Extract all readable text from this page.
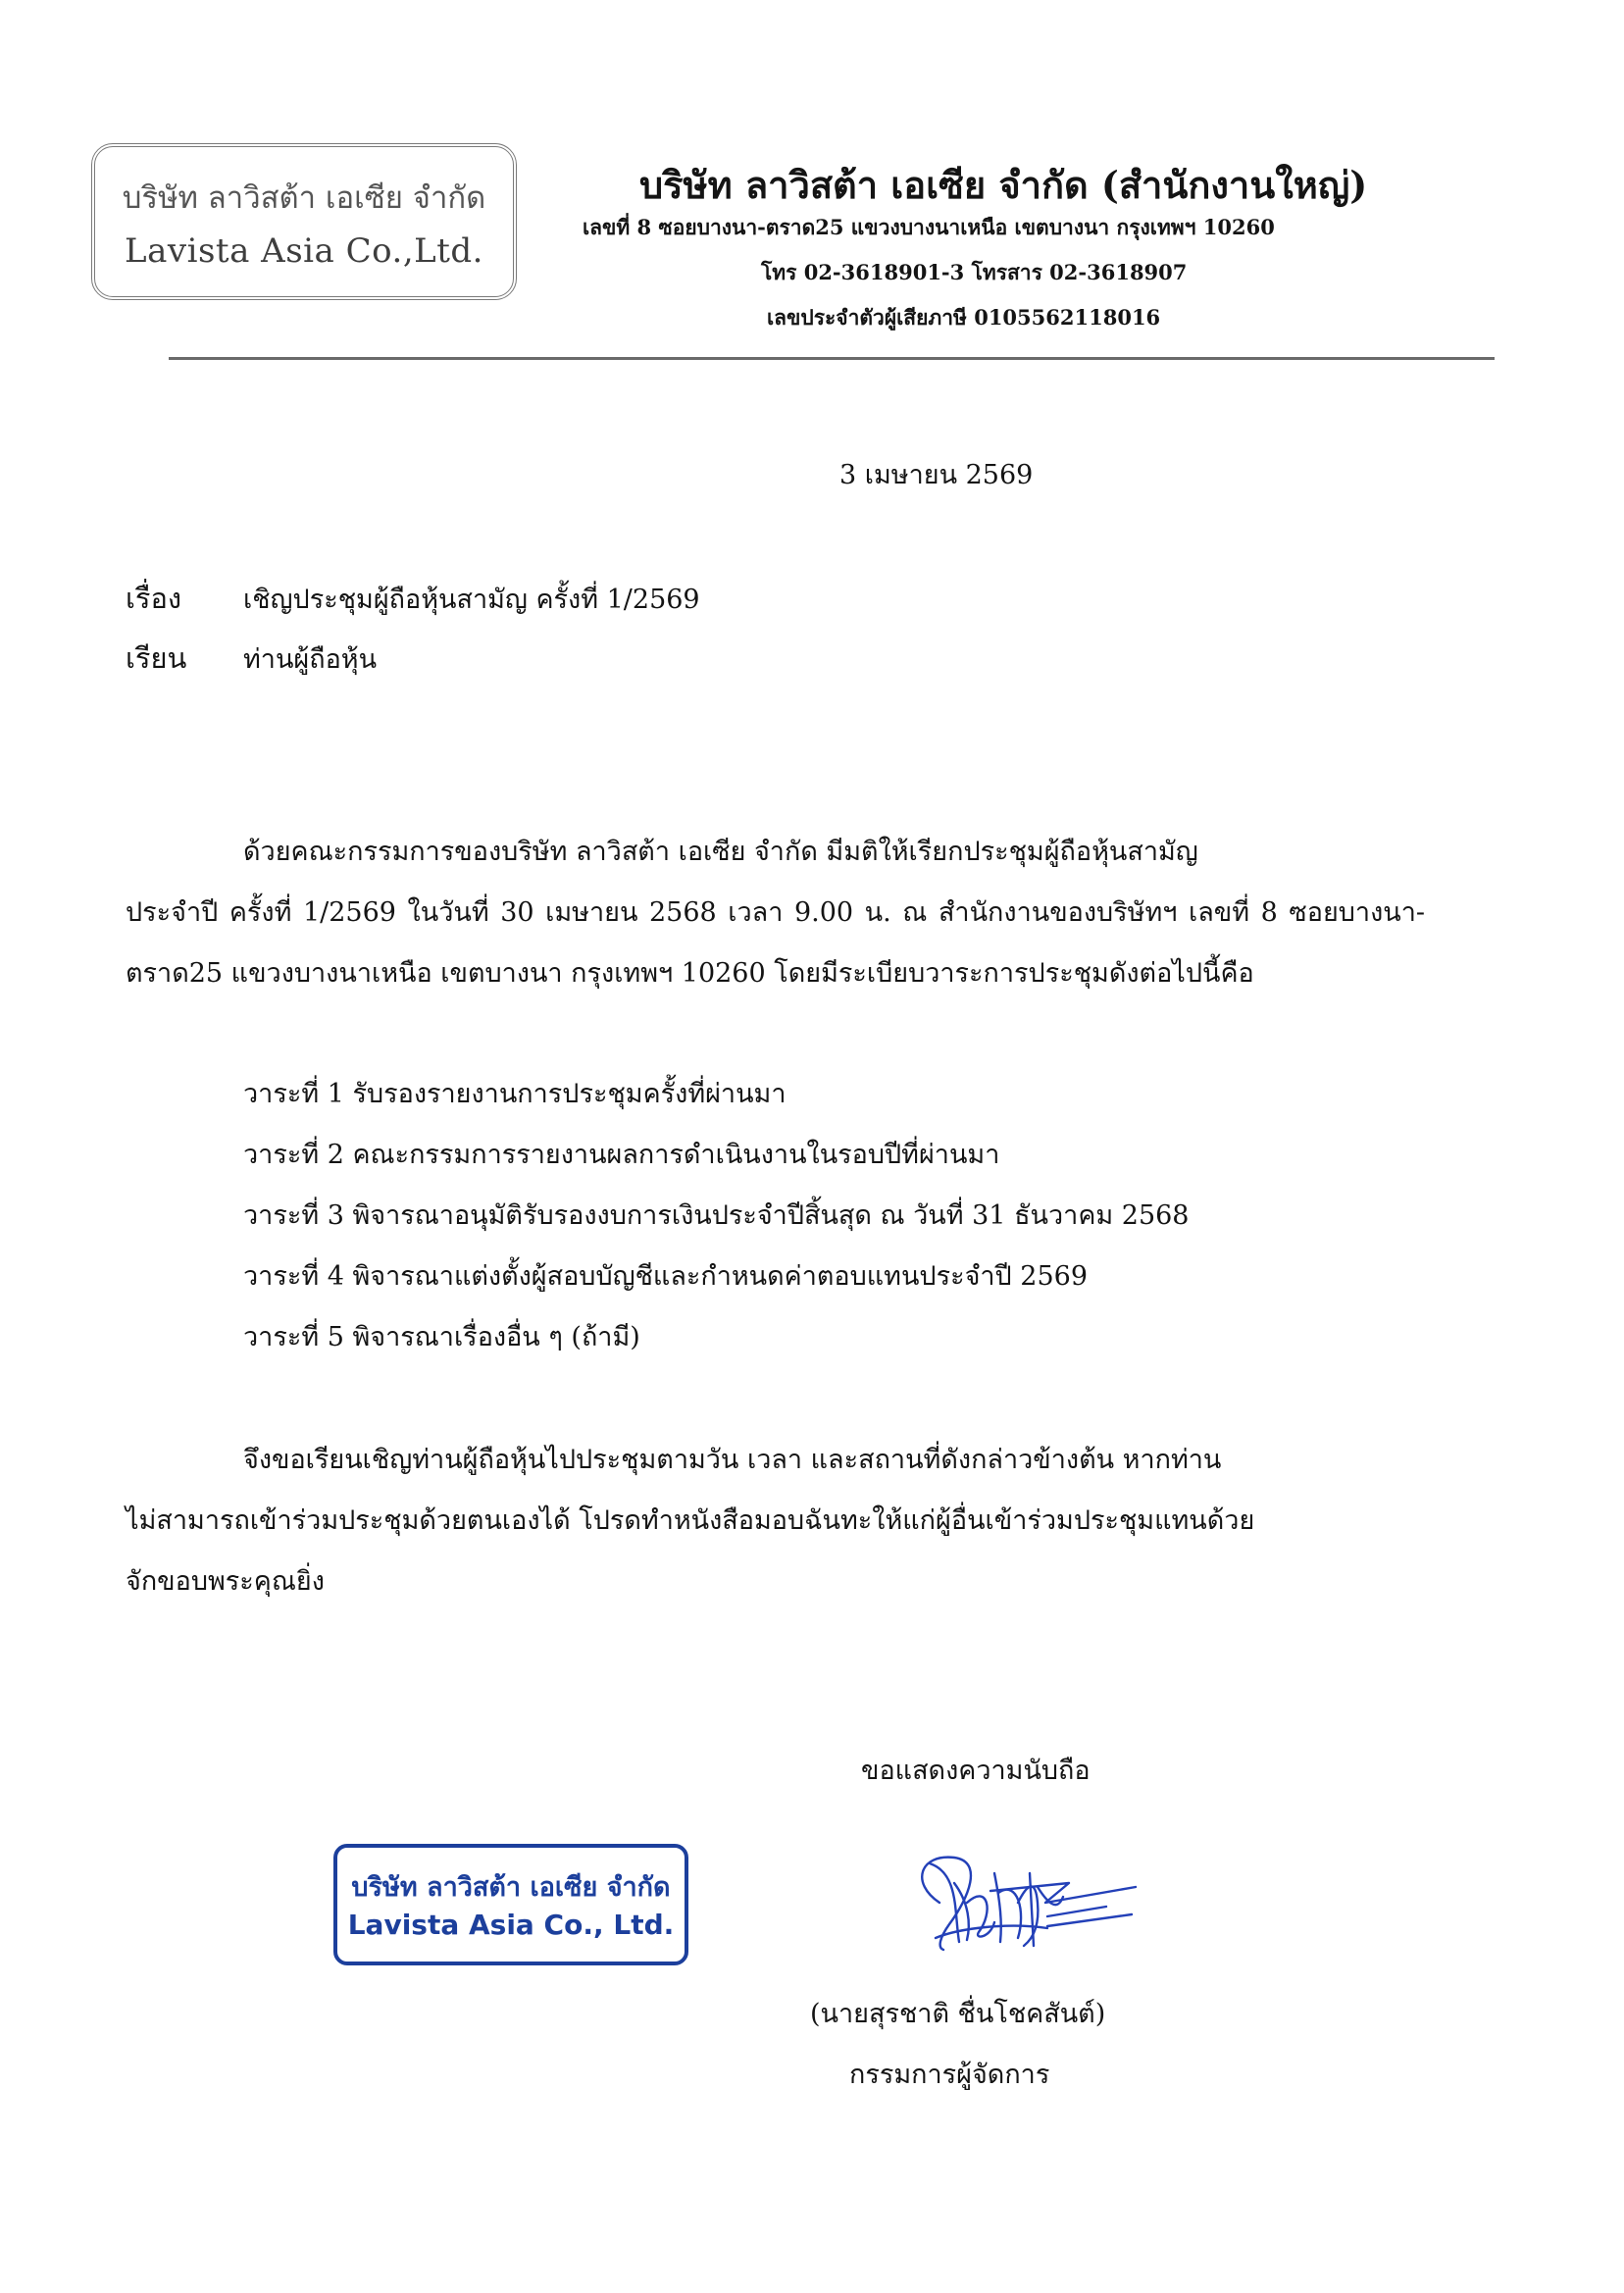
บริษัท ลาวิสต้า เอเซีย จำกัด
Lavista Asia Co.,Ltd.
บริษัท ลาวิสต้า เอเซีย จำกัด (สำนักงานใหญ่)
เลขที่ 8 ซอยบางนา-ตราด25 แขวงบางนาเหนือ เขตบางนา กรุงเทพฯ 10260
โทร 02-3618901-3 โทรสาร 02-3618907
เลขประจำตัวผู้เสียภาษี 0105562118016
3 เมษายน 2569
เรื่อง เชิญประชุมผู้ถือหุ้นสามัญ ครั้งที่ 1/2569
เรียน ท่านผู้ถือหุ้น
ด้วยคณะกรรมการของบริษัท ลาวิสต้า เอเซีย จำกัด มีมติให้เรียกประชุมผู้ถือหุ้นสามัญ
ประจำปี ครั้งที่ 1/2569 ในวันที่ 30 เมษายน 2568 เวลา 9.00 น. ณ สำนักงานของบริษัทฯ เลขที่ 8 ซอยบางนา-
ตราด25 แขวงบางนาเหนือ เขตบางนา กรุงเทพฯ 10260 โดยมีระเบียบวาระการประชุมดังต่อไปนี้คือ
วาระที่ 1 รับรองรายงานการประชุมครั้งที่ผ่านมา
วาระที่ 2 คณะกรรมการรายงานผลการดำเนินงานในรอบปีที่ผ่านมา
วาระที่ 3 พิจารณาอนุมัติรับรองงบการเงินประจำปีสิ้นสุด ณ วันที่ 31 ธันวาคม 2568
วาระที่ 4 พิจารณาแต่งตั้งผู้สอบบัญชีและกำหนดค่าตอบแทนประจำปี 2569
วาระที่ 5 พิจารณาเรื่องอื่น ๆ (ถ้ามี)
จึงขอเรียนเชิญท่านผู้ถือหุ้นไปประชุมตามวัน เวลา และสถานที่ดังกล่าวข้างต้น หากท่าน
ไม่สามารถเข้าร่วมประชุมด้วยตนเองได้ โปรดทำหนังสือมอบฉันทะให้แก่ผู้อื่นเข้าร่วมประชุมแทนด้วย
จักขอบพระคุณยิ่ง
ขอแสดงความนับถือ
บริษัท ลาวิสต้า เอเซีย จำกัด
Lavista Asia Co., Ltd.
(นายสุรชาติ ชื่นโชคสันต์)
กรรมการผู้จัดการ
